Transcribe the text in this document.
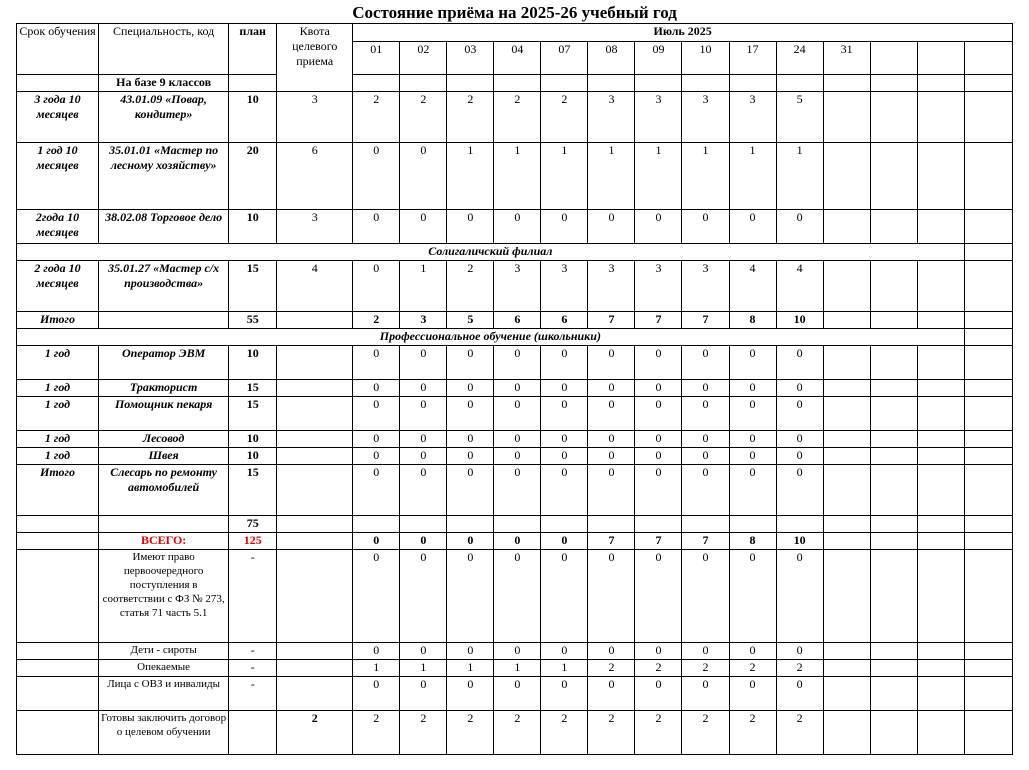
Состояние приёма на 2025-26 учебный год
Срок обучения	Специальность, код	план	Квота целевого приема	Июль 2025													
				01	02	03	04	07	08	09	10	17	24	31			
	На базе 9 классов																
3 года 10 месяцев	43.01.09 «Повар, кондитер»	10	3	2	2	2	2	2	3	3	3	3	5				
1 год 10 месяцев	35.01.01 «Мастер по лесному хозяйству»	20	6	0	0	1	1	1	1	1	1	1	1				
2года 10 месяцев	38.02.08 Торговое дело	10	3	0	0	0	0	0	0	0	0	0	0				
Солигаличский филиал																	
2 года 10 месяцев	35.01.27 «Мастер с/х производства»	15	4	0	1	2	3	3	3	3	3	4	4				
Итого		55		2	3	5	6	6	7	7	7	8	10				
Профессиональное обучение (школьники)																	
1 год	Оператор ЭВМ	10		0	0	0	0	0	0	0	0	0	0				
1 год	Тракторист	15		0	0	0	0	0	0	0	0	0	0				
1 год	Помощник пекаря	15		0	0	0	0	0	0	0	0	0	0				
1 год	Лесовод	10		0	0	0	0	0	0	0	0	0	0				
1 год	Швея	10		0	0	0	0	0	0	0	0	0	0				
Итого	Слесарь по ремонту автомобилей	15		0	0	0	0	0	0	0	0	0	0				
		75															
	ВСЕГО:	125		0	0	0	0	0	7	7	7	8	10				
	Имеют право первоочередного поступления в соответствии с ФЗ № 273, статья 71 часть 5.1	-		0	0	0	0	0	0	0	0	0	0				
	Дети - сироты	-		0	0	0	0	0	0	0	0	0	0				
	Опекаемые	-		1	1	1	1	1	2	2	2	2	2				
	Лица с ОВЗ и инвалиды	-		0	0	0	0	0	0	0	0	0	0				
	Готовы заключить договор о целевом обучении		2	2	2	2	2	2	2	2	2	2	2				
